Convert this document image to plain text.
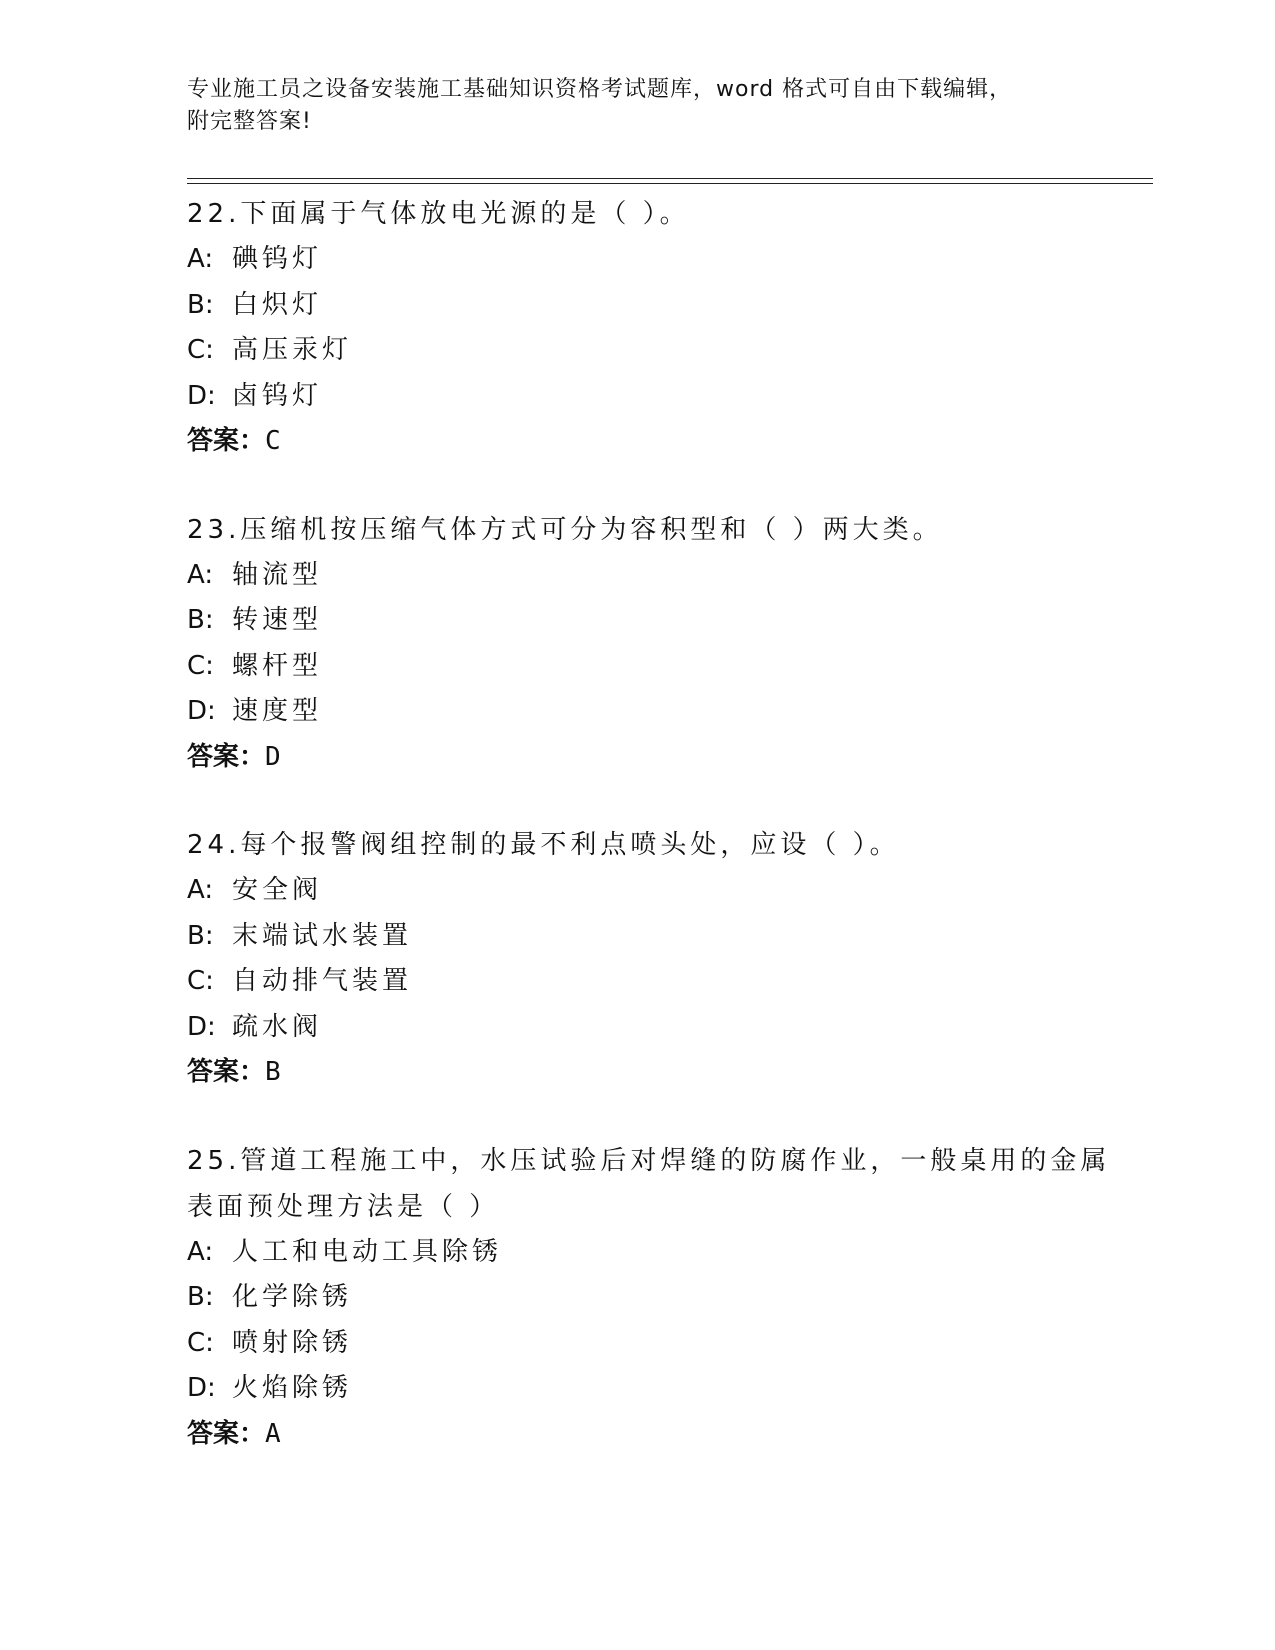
专业施工员之设备安装施工基础知识资格考试题库，word 格式可自由下载编辑，
附完整答案!

22.下面属于气体放电光源的是（ ）。

A: 碘钨灯

B: 白炽灯

C: 高压汞灯

D: 卤钨灯

答案：C

23.压缩机按压缩气体方式可分为容积型和（ ）两大类。

A: 轴流型

B: 转速型

C: 螺杆型

D: 速度型

答案：D

24.每个报警阀组控制的最不利点喷头处，应设（ ）。

A: 安全阀

B: 末端试水装置

C: 自动排气装置

D: 疏水阀

答案：B

25.管道工程施工中，水压试验后对焊缝的防腐作业，一般桌用的金属

表面预处理方法是（ ）

A: 人工和电动工具除锈

B: 化学除锈

C: 喷射除锈

D: 火焰除锈

答案：A
